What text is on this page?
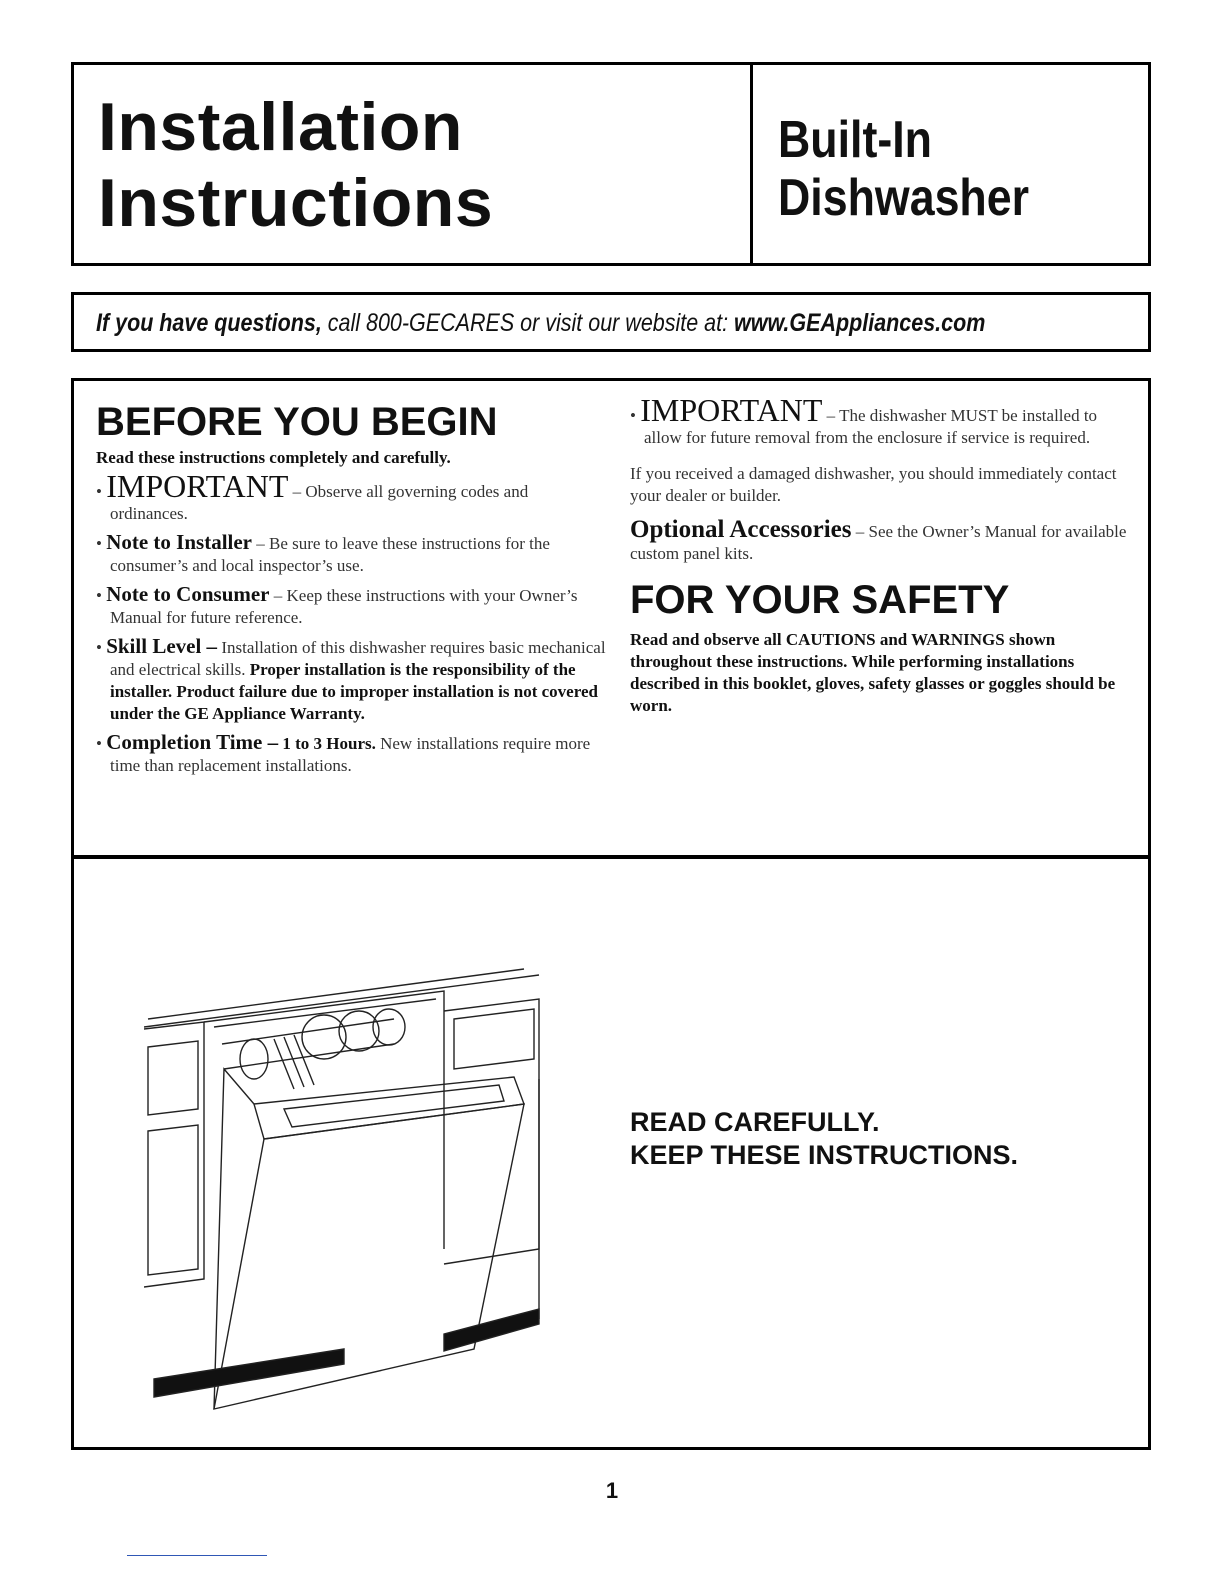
Installation
Instructions
Built-In
Dishwasher
If you have questions, call 800-GECARES or visit our website at: www.GEAppliances.com
BEFORE YOU BEGIN

Read these instructions completely and carefully.

• IMPORTANT – Observe all governing codes and ordinances.

• Note to Installer – Be sure to leave these instructions for the consumer’s and local inspector’s use.

• Note to Consumer – Keep these instructions with your Owner’s Manual for future reference.

• Skill Level – Installation of this dishwasher requires basic mechanical and electrical skills. Proper installation is the responsibility of the installer. Product failure due to improper installation is not covered under the GE Appliance Warranty.

• Completion Time – 1 to 3 Hours. New installations require more time than replacement installations.

• IMPORTANT – The dishwasher MUST be installed to allow for future removal from the enclosure if service is required.

If you received a damaged dishwasher, you should immediately contact your dealer or builder.

Optional Accessories – See the Owner’s Manual for available custom panel kits.

FOR YOUR SAFETY

Read and observe all CAUTIONS and WARNINGS shown throughout these instructions. While performing installations described in this booklet, gloves, safety glasses or goggles should be worn.

READ CAREFULLY.
KEEP THESE INSTRUCTIONS.
1
